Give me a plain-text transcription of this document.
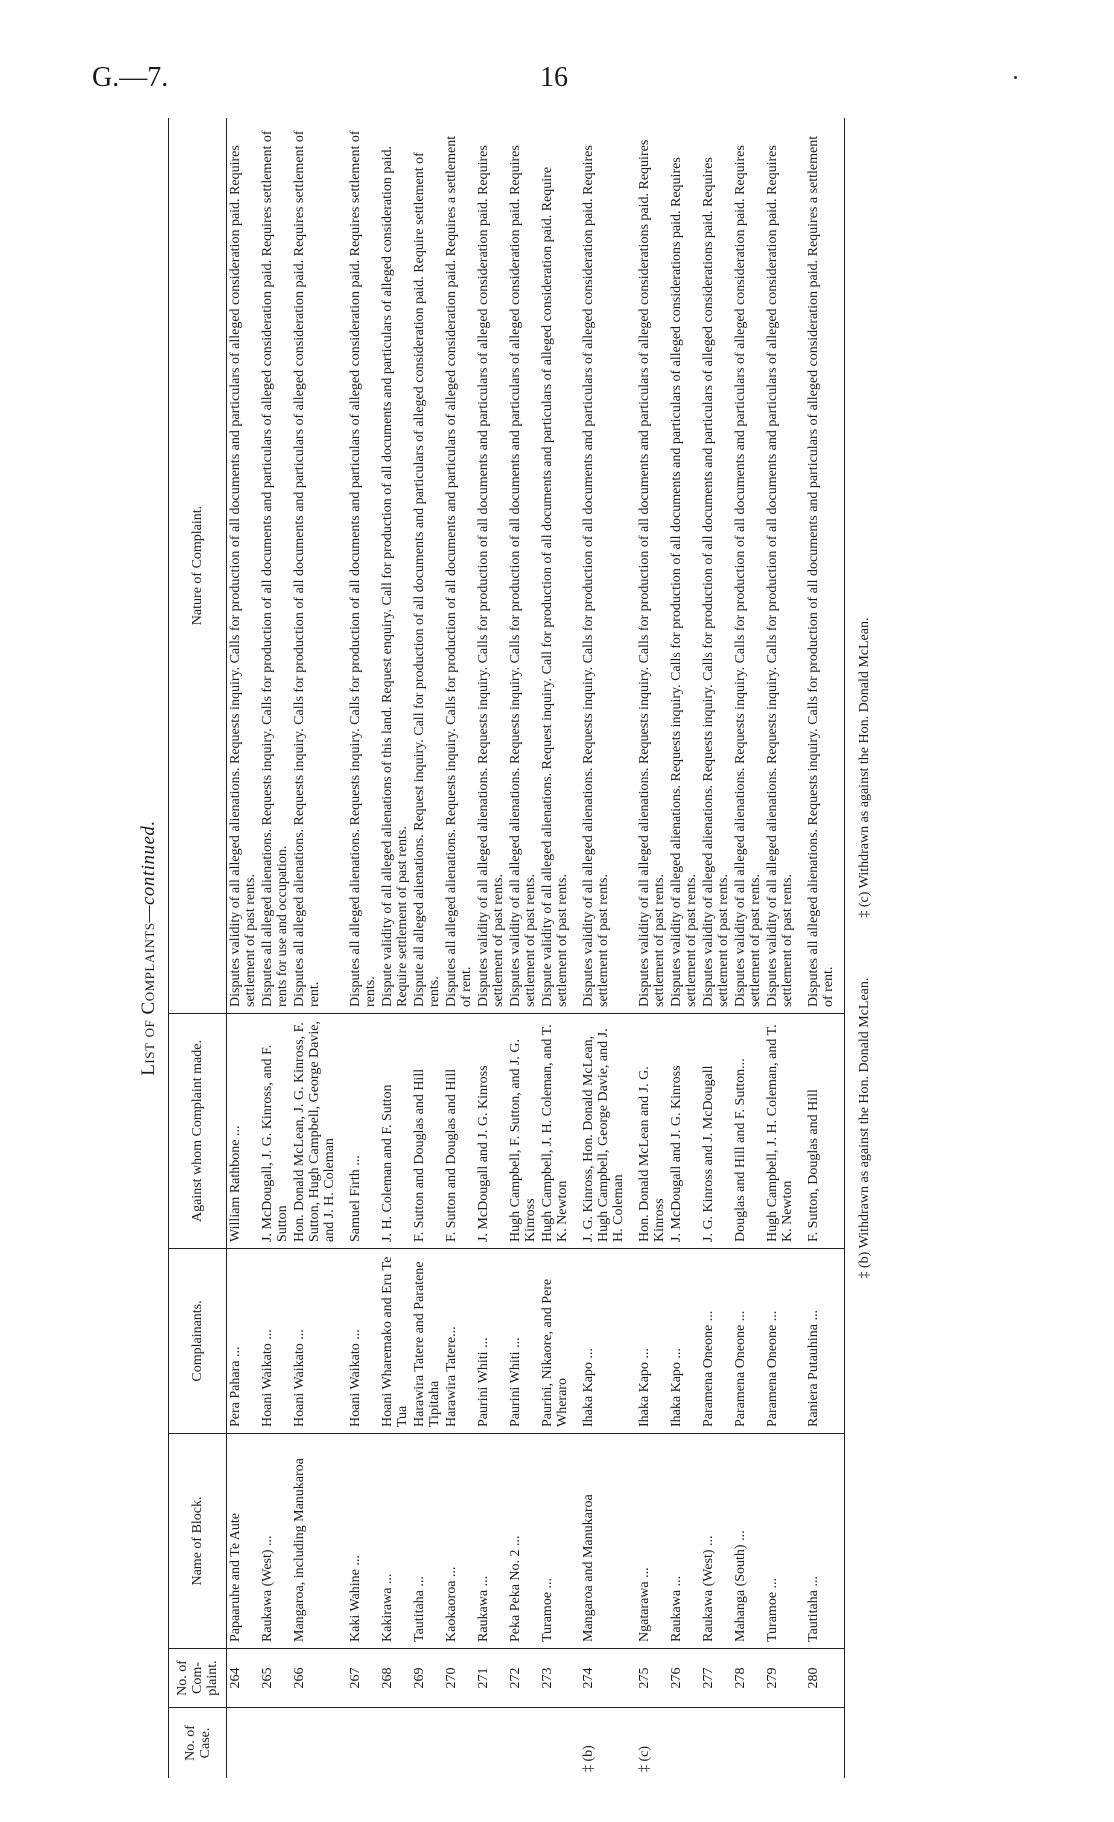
G.—7.	16
List of Complaints—continued.
No. of Case.	No. of Com-plaint.	Name of Block.	Complainants.	Against whom Complaint made.	Nature of Complaint.
	264	Papaaruhe and Te Aute	Pera Pahara ...	William Rathbone ...	Disputes validity of all alleged alienations. Requests inquiry. Calls for production of all documents and particulars of alleged consideration paid. Requires settlement of past rents.
	265	Raukawa (West) ...	Hoani Waikato ...	J. McDougall, J. G. Kinross, and F. Sutton	Disputes all alleged alienations. Requests inquiry. Calls for production of all documents and particulars of alleged consideration paid. Requires settlement of rents for use and occupation.
	266	Mangaroa, including Manukaroa	Hoani Waikato ...	Hon. Donald McLean, J. G. Kinross, F. Sutton, Hugh Campbell, George Davie, and J. H. Coleman	Disputes all alleged alienations. Requests inquiry. Calls for production of all documents and particulars of alleged consideration paid. Requires settlement of rent.
	267	Kaki Wahine ...	Hoani Waikato ...	Samuel Firth ...	Disputes all alleged alienations. Requests inquiry. Calls for production of all documents and particulars of alleged consideration paid. Requires settlement of rents.
	268	Kakirawa ...	Hoani Wharemako and Eru Te Tua	J. H. Coleman and F. Sutton	Dispute validity of all alleged alienations of this land. Request enquiry. Call for production of all documents and particulars of alleged consideration paid. Require settlement of past rents.
	269	Tautitaha ...	Harawira Tatere and Paratene Tipitaha	F. Sutton and Douglas and Hill	Dispute all alleged alienations. Request inquiry. Call for production of all documents and particulars of alleged consideration paid. Require settlement of rents.
	270	Kaokaoroa ...	Harawira Tatere...	F. Sutton and Douglas and Hill	Disputes all alleged alienations. Requests inquiry. Calls for production of all documents and particulars of alleged consideration paid. Requires a settlement of rent.
	271	Raukawa ...	Paurini Whiti ...	J. McDougall and J. G. Kinross	Disputes validity of all alleged alienations. Requests inquiry. Calls for production of all documents and particulars of alleged consideration paid. Requires settlement of past rents.
	272	Peka Peka No. 2 ...	Paurini Whiti ...	Hugh Campbell, F. Sutton, and J. G. Kinross	Disputes validity of all alleged alienations. Requests inquiry. Calls for production of all documents and particulars of alleged consideration paid. Requires settlement of past rents.
	273	Turamoe ...	Paurini, Nikaore, and Pere Wheraro	Hugh Campbell, J. H. Coleman, and T. K. Newton	Dispute validity of all alleged alienations. Request inquiry. Call for production of all documents and particulars of alleged consideration paid. Require settlement of past rents.
‡ (b)	274	Mangaroa and Manukaroa	Ihaka Kapo ...	J. G. Kinross, Hon. Donald McLean, Hugh Campbell, George Davie, and J. H. Coleman	Disputes validity of all alleged alienations. Requests inquiry. Calls for production of all documents and particulars of alleged consideration paid. Requires settlement of past rents.
‡ (c)	275	Ngatarawa ...	Ihaka Kapo ...	Hon. Donald McLean and J. G. Kinross	Disputes validity of all alleged alienations. Requests inquiry. Calls for production of all documents and particulars of alleged considerations paid. Requires settlement of past rents.
	276	Raukawa ...	Ihaka Kapo ...	J. McDougall and J. G. Kinross	Disputes validity of alleged alienations. Requests inquiry. Calls for production of all documents and particulars of alleged considerations paid. Requires settlement of past rents.
	277	Raukawa (West) ...	Paramena Oneone ...	J. G. Kinross and J. McDougall	Disputes validity of alleged alienations. Requests inquiry. Calls for production of all documents and particulars of alleged considerations paid. Requires settlement of past rents.
	278	Mahanga (South) ...	Paramena Oneone ...	Douglas and Hill and F. Sutton...	Disputes validity of all alleged alienations. Requests inquiry. Calls for production of all documents and particulars of alleged consideration paid. Requires settlement of past rents.
	279	Turamoe ...	Paramena Oneone ...	Hugh Campbell, J. H. Coleman, and T. K. Newton	Disputes validity of all alleged alienations. Requests inquiry. Calls for production of all documents and particulars of alleged consideration paid. Requires settlement of past rents.
	280	Tautitaha ...	Raniera Putauhina ...	F. Sutton, Douglas and Hill	Disputes all alleged alienations. Requests inquiry. Calls for production of all documents and particulars of alleged consideration paid. Requires a settlement of rent. ‡ (b) Withdrawn as against the Hon. Donald McLean.
‡ (c) Withdrawn as against the Hon. Donald McLean.
